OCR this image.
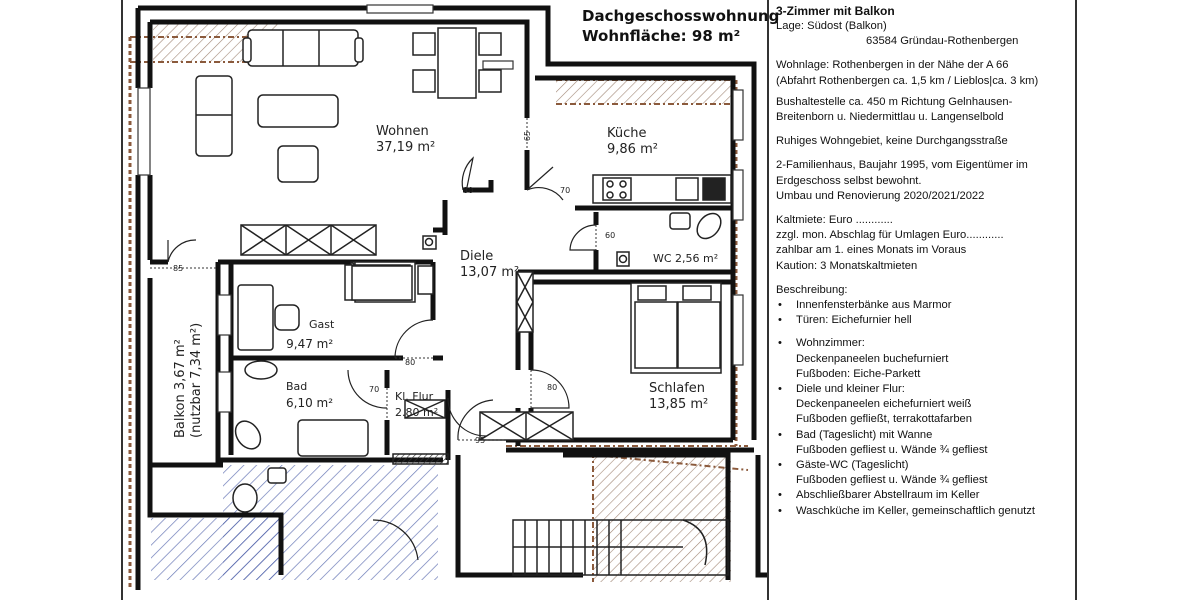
65
80	70
60
85
80
70
95
80
Wohnen
37,19 m²
Küche
9,86 m²
Diele
13,07 m²
WC 2,56 m²
Gast
9,47 m²
Bad
6,10 m²	Kl. Flur
2.80 m²
Schlafen
13,85 m²
Balkon 3,67 m² (nutzbar 7,34 m²)
Dachgeschosswohnung
Wohnfläche: 98 m²
3-Zimmer mit Balkon

Lage: Südost (Balkon)

63584 Gründau-Rothenbergen

Wohnlage: Rothenbergen in der Nähe der A 66

(Abfahrt Rothenbergen ca. 1,5 km / Lieblos|ca. 3 km)

Bushaltestelle ca. 450 m Richtung Gelnhausen-

Breitenborn u. Niedermittlau u. Langenselbold

Ruhiges Wohngebiet, keine Durchgangsstraße

2-Familienhaus, Baujahr 1995, vom Eigentümer im

Erdgeschoss selbst bewohnt.

Umbau und Renovierung 2020/2021/2022

Kaltmiete: Euro ............

zzgl. mon. Abschlag für Umlagen Euro............

zahlbar am 1. eines Monats im Voraus

Kaution: 3 Monatskaltmieten

Beschreibung:

• Innenfensterbänke aus Marmor
• Türen: Eichefurnier hell
• Wohnzimmer:
Deckenpaneelen buchefurniert
Fußboden: Eiche-Parkett
• Diele und kleiner Flur:
Deckenpaneelen eichefurniert weiß
Fußboden gefließt, terrakottafarben
• Bad (Tageslicht) mit Wanne
Fußboden gefliest u. Wände ¾ gefliest
• Gäste-WC (Tageslicht)
Fußboden gefliest u. Wände ¾ gefliest
• Abschließbarer Abstellraum im Keller
• Waschküche im Keller, gemeinschaftlich genutzt
